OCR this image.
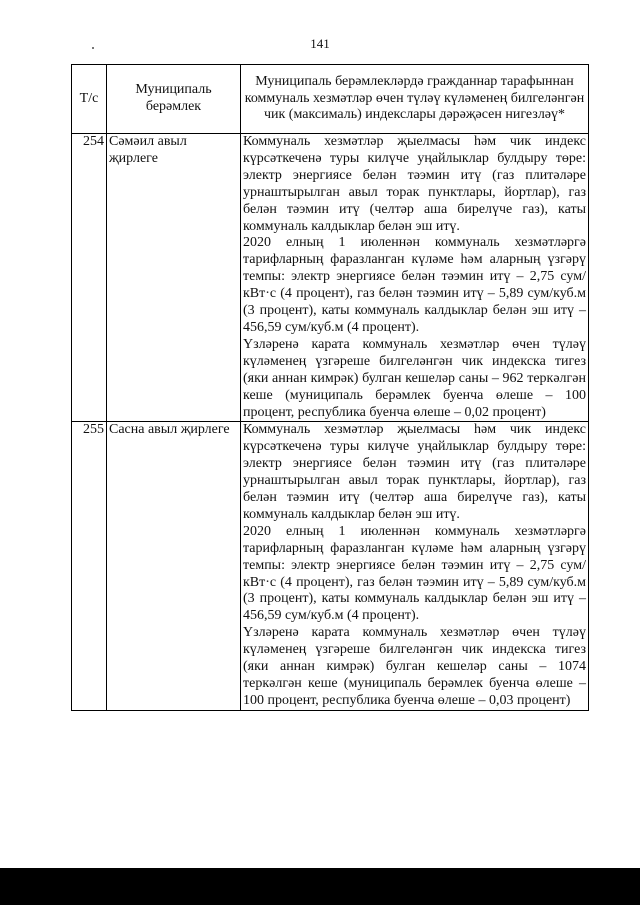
141
Т/с	Муниципаль берәмлек	Муниципаль берәмлекләрдә гражданнар тарафыннан коммуналь хезмәтләр өчен түләү күләменең билгеләнгән чик (максималь) индекслары дәрәҗәсен нигезләү*
254	Сәмәил авыл җирлеге	Коммуналь хезмәтләр җыелмасы һәм чик индекс күрсәткеченә туры килүче уңайлыклар булдыру төре: электр энергиясе белән тәэмин итү (газ плитәләре урнаштырылган авыл торак пунктлары, йортлар), газ белән тәэмин итү (челтәр аша бирелүче газ), каты коммуналь калдыклар белән эш итү.

2020 елның 1 июленнән коммуналь хезмәтләргә тарифларның фаразланган күләме һәм аларның үзгәрү темпы: электр энергиясе белән тәэмин итү – 2,75 сум/кВт·с (4 процент), газ белән тәэмин итү – 5,89 сум/куб.м (3 процент), каты коммуналь калдыклар белән эш итү – 456,59 сум/куб.м (4 процент).

Үзләренә карата коммуналь хезмәтләр өчен түләү күләменең үзгәреше билгеләнгән чик индекска тигез (яки аннан кимрәк) булган кешеләр саны – 962 теркәлгән кеше (муниципаль берәмлек буенча өлеше – 100 процент, республика буенча өлеше – 0,02 процент)

255	Сасна авыл җирлеге	Коммуналь хезмәтләр җыелмасы һәм чик индекс күрсәткеченә туры килүче уңайлыклар булдыру төре: электр энергиясе белән тәэмин итү (газ плитәләре урнаштырылган авыл торак пунктлары, йортлар), газ белән тәэмин итү (челтәр аша бирелүче газ), каты коммуналь калдыклар белән эш итү.

2020 елның 1 июленнән коммуналь хезмәтләргә тарифларның фаразланган күләме һәм аларның үзгәрү темпы: электр энергиясе белән тәэмин итү – 2,75 сум/кВт·с (4 процент), газ белән тәэмин итү – 5,89 сум/куб.м (3 процент), каты коммуналь калдыклар белән эш итү – 456,59 сум/куб.м (4 процент).

Үзләренә карата коммуналь хезмәтләр өчен түләү күләменең үзгәреше билгеләнгән чик индекска тигез (яки аннан кимрәк) булган кешеләр саны – 1074 теркәлгән кеше (муниципаль берәмлек буенча өлеше – 100 процент, республика буенча өлеше – 0,03 процент)
